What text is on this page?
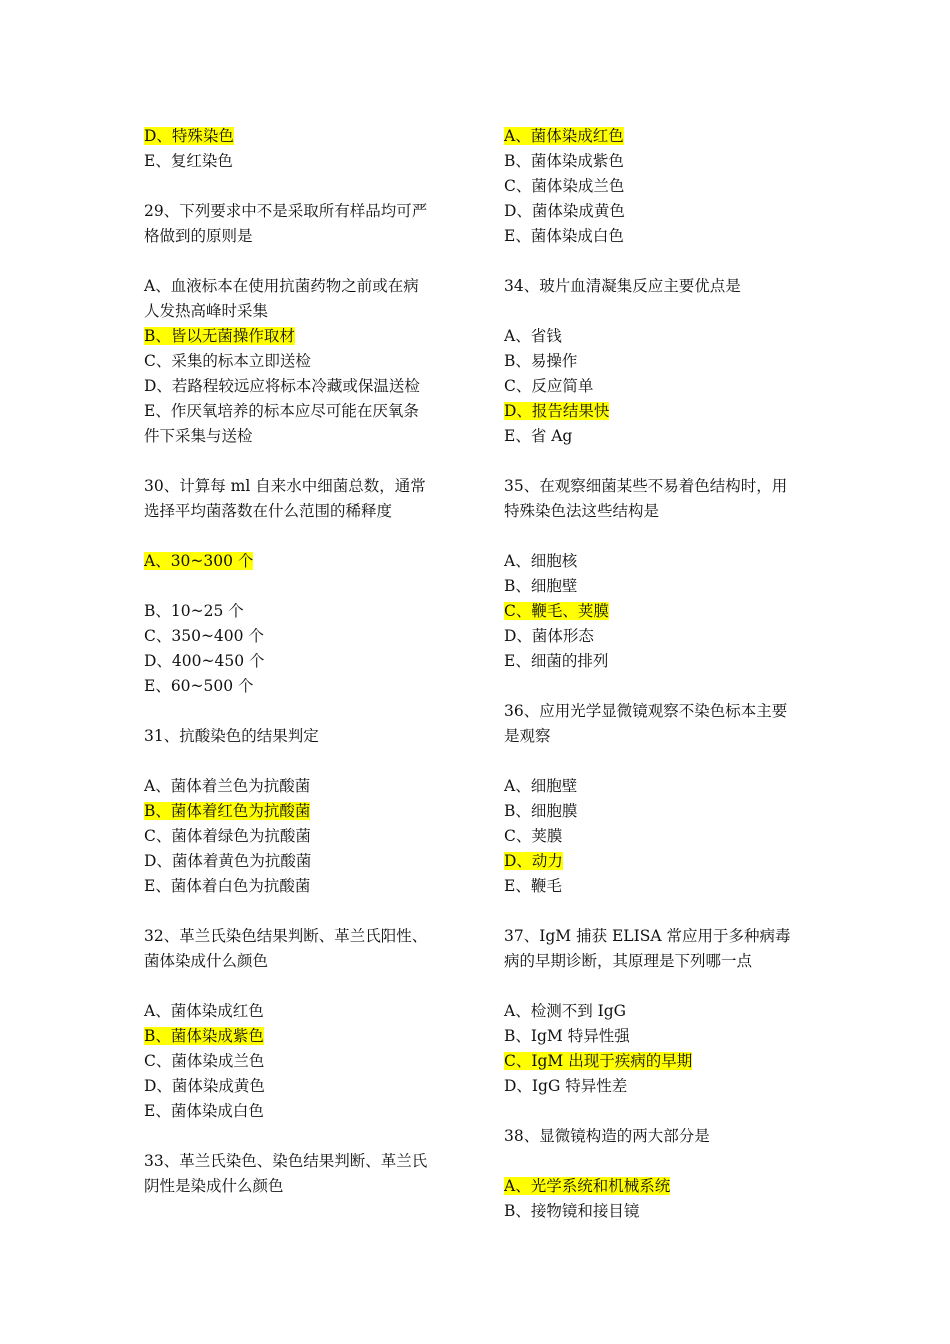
D、特殊染色
E、复红染色
29、下列要求中不是采取所有样品均可严
格做到的原则是
A、血液标本在使用抗菌药物之前或在病
人发热高峰时采集
B、皆以无菌操作取材
C、采集的标本立即送检
D、若路程较远应将标本冷藏或保温送检
E、作厌氧培养的标本应尽可能在厌氧条
件下采集与送检
30、计算每 ml 自来水中细菌总数，通常
选择平均菌落数在什么范围的稀释度
A、30~300 个
B、10~25 个
C、350~400 个
D、400~450 个
E、60~500 个
31、抗酸染色的结果判定
A、菌体着兰色为抗酸菌
B、菌体着红色为抗酸菌
C、菌体着绿色为抗酸菌
D、菌体着黄色为抗酸菌
E、菌体着白色为抗酸菌
32、革兰氏染色结果判断、革兰氏阳性、
菌体染成什么颜色
A、菌体染成红色
B、菌体染成紫色
C、菌体染成兰色
D、菌体染成黄色
E、菌体染成白色
33、革兰氏染色、染色结果判断、革兰氏
阴性是染成什么颜色
A、菌体染成红色
B、菌体染成紫色
C、菌体染成兰色
D、菌体染成黄色
E、菌体染成白色
34、玻片血清凝集反应主要优点是
A、省钱
B、易操作
C、反应简单
D、报告结果快
E、省 Ag
35、在观察细菌某些不易着色结构时，用
特殊染色法这些结构是
A、细胞核
B、细胞壁
C、鞭毛、荚膜
D、菌体形态
E、细菌的排列
36、应用光学显微镜观察不染色标本主要
是观察
A、细胞壁
B、细胞膜
C、荚膜
D、动力
E、鞭毛
37、IgM 捕获 ELISA 常应用于多种病毒
病的早期诊断，其原理是下列哪一点
A、检测不到 IgG
B、IgM 特异性强
C、IgM 出现于疾病的早期
D、IgG 特异性差
38、显微镜构造的两大部分是
A、光学系统和机械系统
B、接物镜和接目镜
